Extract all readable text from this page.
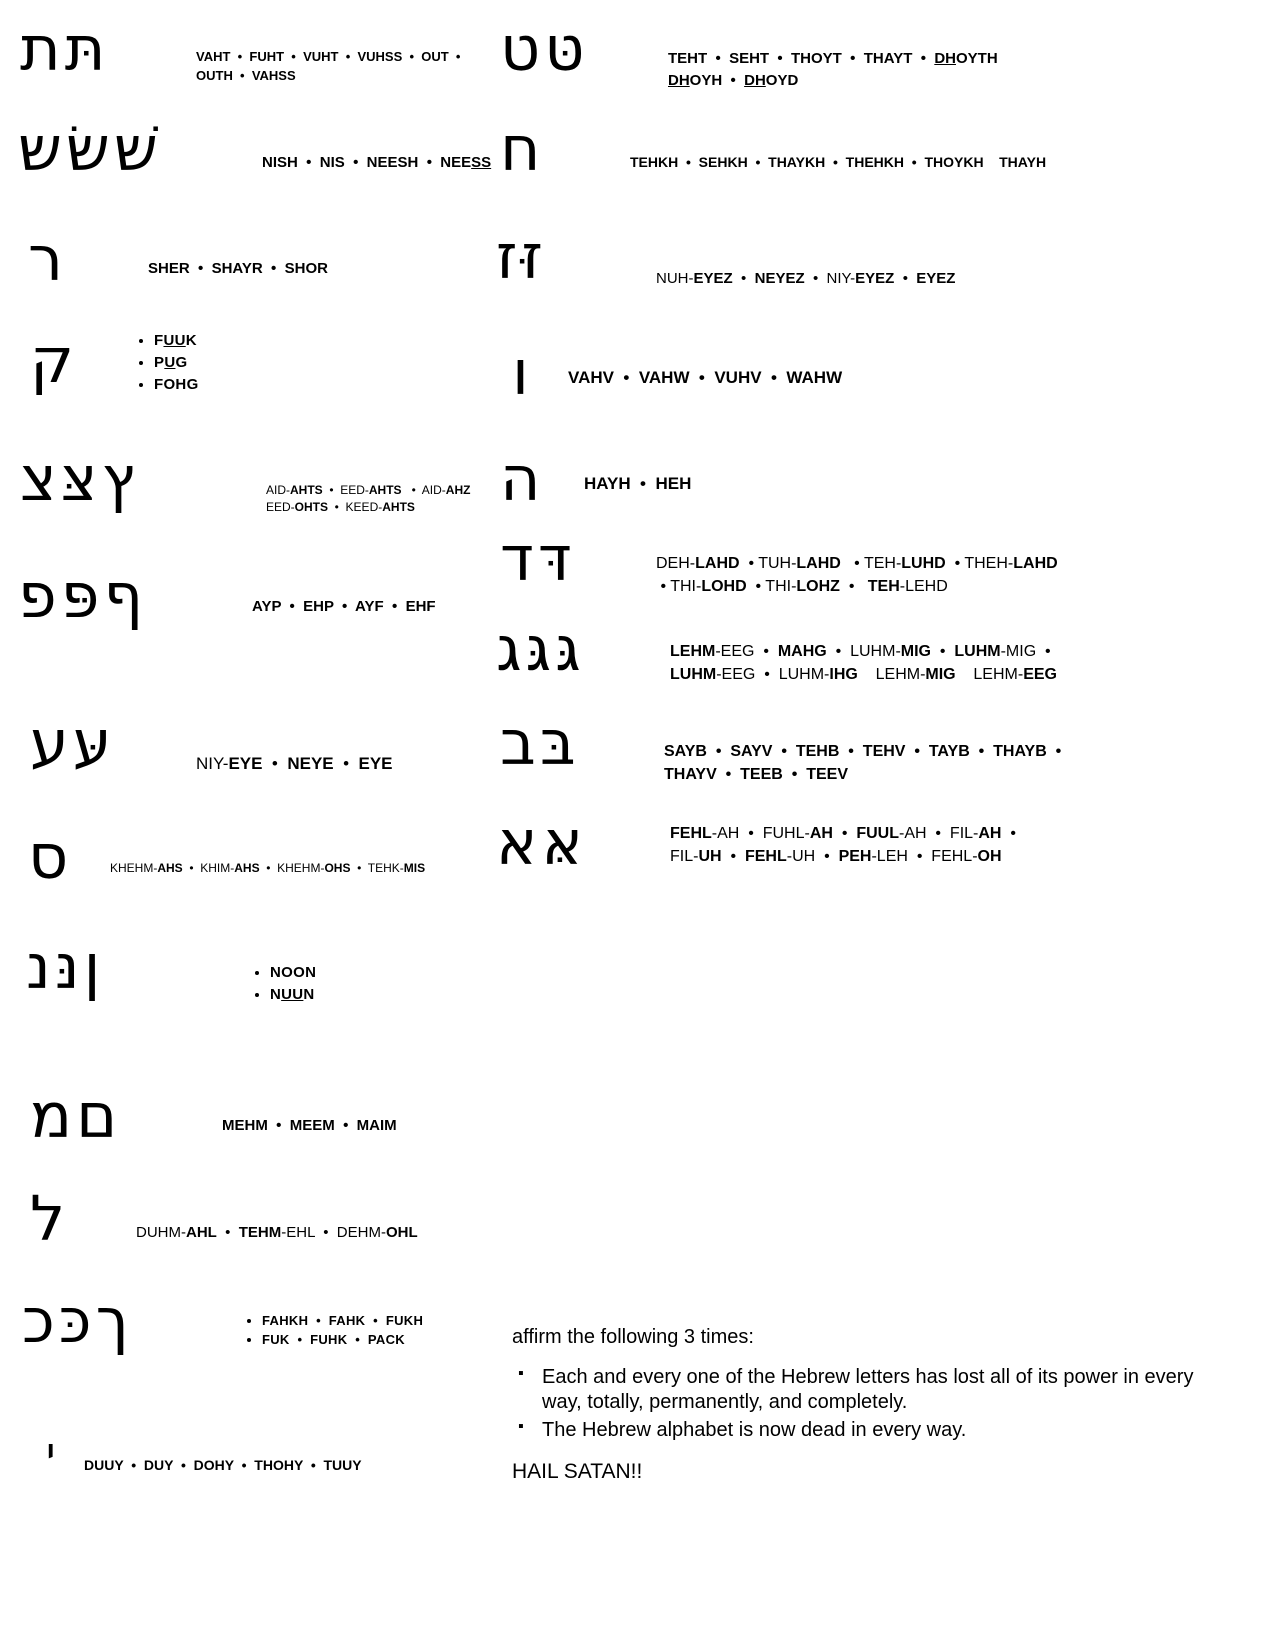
תּת	VAHT  •  FUHT  •  VUHT  •  VUHSS  •  OUT  •  OUTH  •  VAHSS
שׁשׂש	NISH  •  NIS  •  NEESH  •  NEESS
ר	SHER  •  SHAYR  •  SHOR
ק	• FUUK
• PUG
• FOHG
ץצּצ	AID-AHTS  •  EED-AHTS   •  AID-AHZ
EED-OHTS  •  KEED-AHTS
ףפּפ	AYP  •  EHP  •  AYF  •  EHF
עּע	NIY-EYE  •  NEYE  •  EYE
ס	KHEHM-AHS  •  KHIM-AHS  •  KHEHM-OHS  •  TEHK-MIS
ןנּנ	• NOON
• NUUN
םמ	MEHM  •  MEEM  •  MAIM
ל	DUHM-AHL  •  TEHM-EHL  •  DEHM-OHL
ךכּכ	• FAHKH  •  FAHK  •  FUKH
• FUK  •  FUHK  •  PACK
י DUUY  •  DUY  •  DOHY  •  THOHY  •  TUUY
טּט	TEHT  •  SEHT  •  THOYT  •  THAYT  •  DHOYTH
DHOYH  •  DHOYD
ח	TEHKH  •  SEHKH  •  THAYKH  •  THEHKH  •  THOYKH    THAYH
זּז	NUH-EYEZ  •  NEYEZ  •  NIY-EYEZ  •  EYEZ
ו VAHV  •  VAHW  •  VUHV  •  WAHW
ה HAYH  •  HEH
דּד	DEH-LAHD  • TUH-LAHD   • TEH-LUHD  • THEH-LAHD
• THI-LOHD  • THI-LOHZ  •   TEH-LEHD
גּגּג	LEHM-EEG  •  MAHG  •  LUHM-MIG  •  LUHM-MIG  •
LUHM-EEG  •  LUHM-IHG    LEHM-MIG    LEHM-EEG
בּב	SAYB  •  SAYV  •  TEHB  •  TEHV  •  TAYB  •  THAYB  •
THAYV  •  TEEB  •  TEEV
אּא	FEHL-AH  •  FUHL-AH  •  FUUL-AH  •  FIL-AH  •
FIL-UH  •  FEHL-UH  •  PEH-LEH  •  FEHL-OH

affirm the following 3 times:

▪ Each and every one of the Hebrew letters has lost all of its power in every way, totally, permanently, and completely.
▪ The Hebrew alphabet is now dead in every way.

HAIL SATAN!!
